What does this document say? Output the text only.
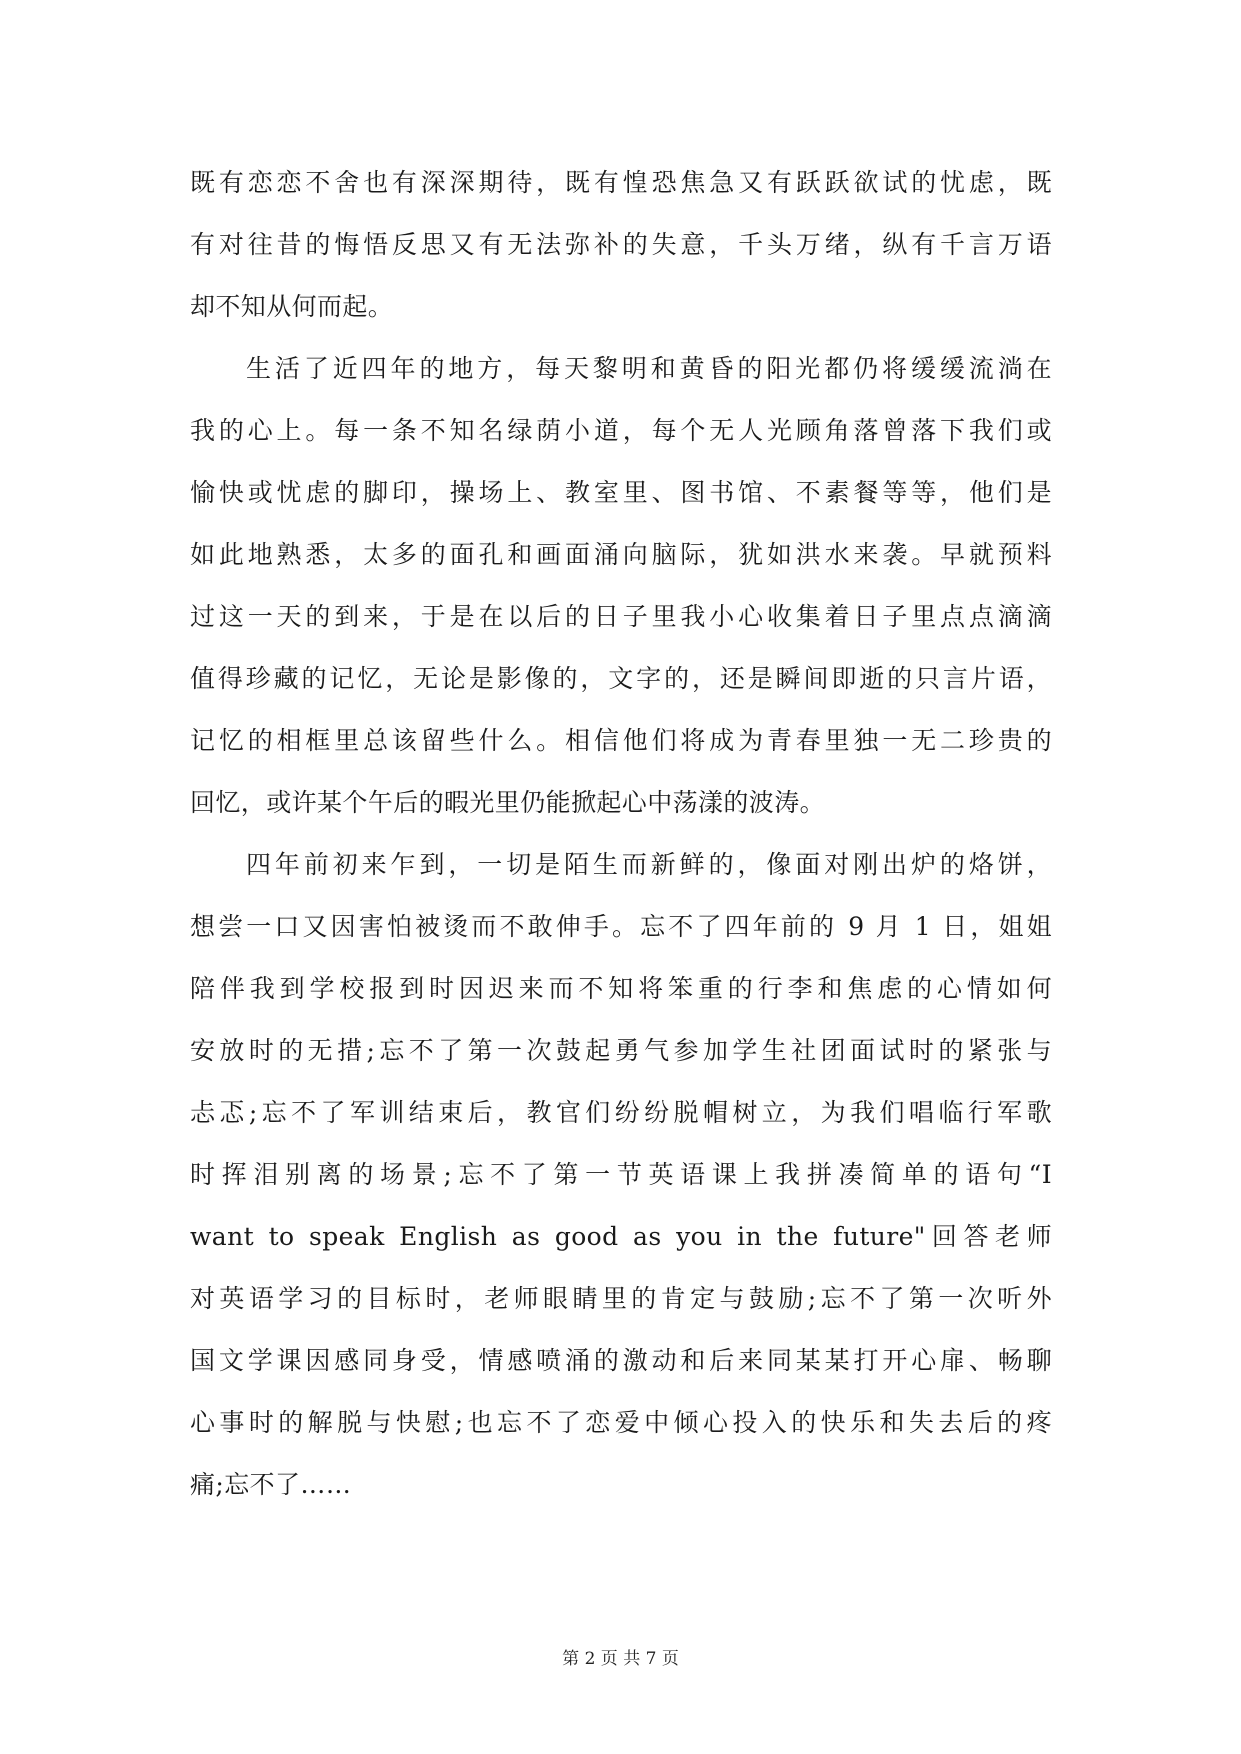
既有恋恋不舍也有深深期待，既有惶恐焦急又有跃跃欲试的忧虑，既
有对往昔的悔悟反思又有无法弥补的失意，千头万绪，纵有千言万语
却不知从何而起。
生活了近四年的地方，每天黎明和黄昏的阳光都仍将缓缓流淌在
我的心上。每一条不知名绿荫小道，每个无人光顾角落曾落下我们或
愉快或忧虑的脚印，操场上、教室里、图书馆、不素餐等等，他们是
如此地熟悉，太多的面孔和画面涌向脑际，犹如洪水来袭。早就预料
过这一天的到来，于是在以后的日子里我小心收集着日子里点点滴滴
值得珍藏的记忆，无论是影像的，文字的，还是瞬间即逝的只言片语，
记忆的相框里总该留些什么。相信他们将成为青春里独一无二珍贵的
回忆，或许某个午后的暇光里仍能掀起心中荡漾的波涛。
四年前初来乍到，一切是陌生而新鲜的，像面对刚出炉的烙饼，
想尝一口又因害怕被烫而不敢伸手。忘不了四年前的 9 月 1 日，姐姐
陪伴我到学校报到时因迟来而不知将笨重的行李和焦虑的心情如何
安放时的无措;忘不了第一次鼓起勇气参加学生社团面试时的紧张与
忐忑;忘不了军训结束后，教官们纷纷脱帽树立，为我们唱临行军歌
时挥泪别离的场景;忘不了第一节英语课上我拼凑简单的语句“I
want to speak English as good as you in the future"回答老师
对英语学习的目标时，老师眼睛里的肯定与鼓励;忘不了第一次听外
国文学课因感同身受，情感喷涌的激动和后来同某某打开心扉、畅聊
心事时的解脱与快慰;也忘不了恋爱中倾心投入的快乐和失去后的疼
痛;忘不了……
第 2 页 共 7 页
